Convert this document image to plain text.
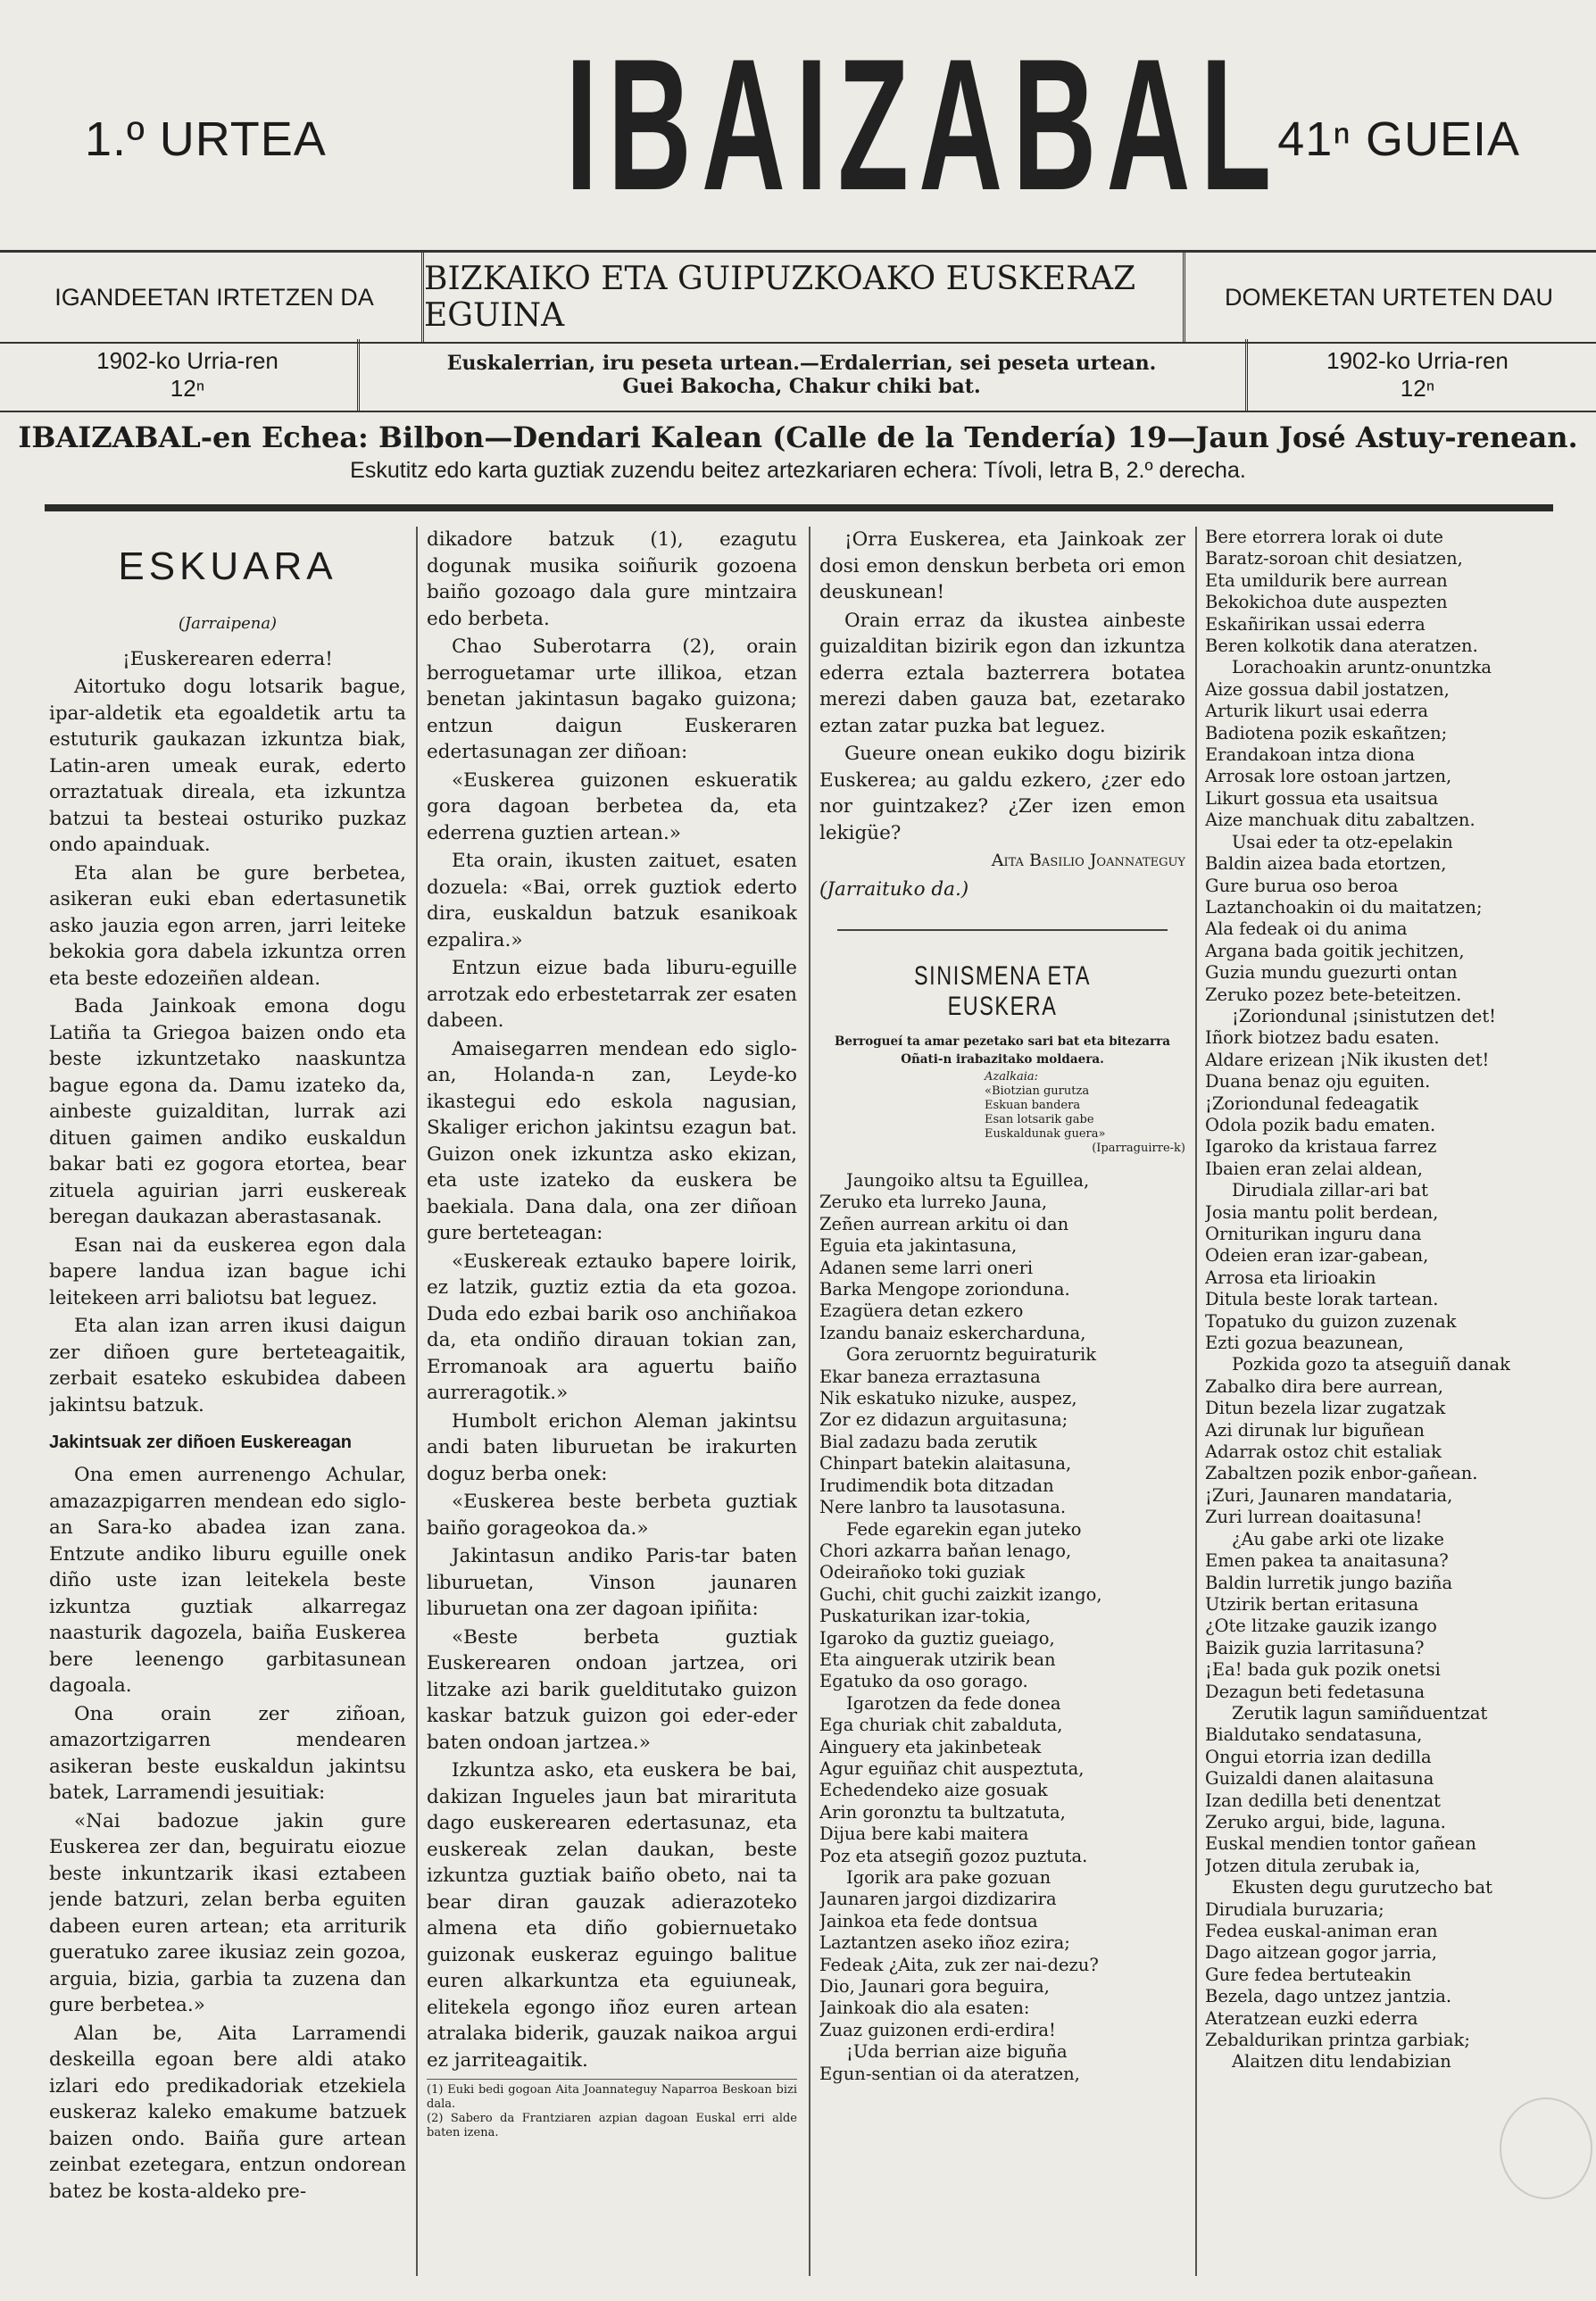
1.º URTEA IBAIZABAL
41ⁿ GUEIA
IGANDEETAN IRTETZEN DA	BIZKAIKO ETA GUIPUZKOAKO EUSKERAZ EGUINA
DOMEKETAN URTETEN DAU
1902-ko Urria-ren
12ⁿ
Euskalerrian, iru peseta urtean.—Erdalerrian, sei peseta urtean.
Guei Bakocha, Chakur chiki bat.
1902-ko Urria-ren
12ⁿ
IBAIZABAL-en Echea: Bilbon—Dendari Kalean (Calle de la Tendería) 19—Jaun José Astuy-renean.
Eskutitz edo karta guztiak zuzendu beitez artezkariaren echera: Tívoli, letra B, 2.º derecha.
ESKUARA

(Jarraipena)

¡Euskerearen ederra!

Aitortuko dogu lotsarik bague, ipar-aldetik eta egoaldetik artu ta estuturik gaukazan izkuntza biak, Latin-aren umeak eurak, ederto orraztatuak direala, eta izkuntza batzui ta besteai osturiko puzkaz ondo apainduak.

Eta alan be gure berbetea, asikeran euki eban edertasunetik asko jauzia egon arren, jarri leiteke bekokia gora dabela izkuntza orren eta beste edozeiñen aldean.

Bada Jainkoak emona dogu Latiña ta Griegoa baizen ondo eta beste izkuntzetako naaskuntza bague egona da. Damu izateko da, ainbeste guizalditan, lurrak azi dituen gaimen andiko euskaldun bakar bati ez gogora etortea, bear zituela aguirian jarri euskereak beregan daukazan aberastasanak.

Esan nai da euskerea egon dala bapere landua izan bague ichi leitekeen arri baliotsu bat leguez.

Eta alan izan arren ikusi daigun zer diñoen gure berteteagaitik, zerbait esateko eskubidea dabeen jakintsu batzuk.

Jakintsuak zer diñoen Euskereagan

Ona emen aurrenengo Achular, amazazpigarren mendean edo siglo-an Sara-ko abadea izan zana. Entzute andiko liburu eguille onek diño uste izan leitekela beste izkuntza guztiak alkarregaz naasturik dagozela, baiña Euskerea bere leenengo garbitasunean dagoala.

Ona orain zer ziñoan, amazortzigarren mendearen asikeran beste euskaldun jakintsu batek, Larramendi jesuitiak:

«Nai badozue jakin gure Euskerea zer dan, beguiratu eiozue beste inkuntzarik ikasi eztabeen jende batzuri, zelan berba eguiten dabeen euren artean; eta arriturik gueratuko zaree ikusiaz zein gozoa, arguia, bizia, garbia ta zuzena dan gure berbetea.»

Alan be, Aita Larramendi deskeilla egoan bere aldi atako izlari edo predikadoriak etzekiela euskeraz kaleko emakume batzuek baizen ondo. Baiña gure artean zeinbat ezetegara, entzun ondorean batez be kosta-aldeko pre-

dikadore batzuk (1), ezagutu dogunak musika soiñurik gozoena baiño gozoago dala gure mintzaira edo berbeta.

Chao Suberotarra (2), orain berroguetamar urte illikoa, etzan benetan jakintasun bagako guizona; entzun daigun Euskeraren edertasunagan zer diñoan:

«Euskerea guizonen eskueratik gora dagoan berbetea da, eta ederrena guztien artean.»

Eta orain, ikusten zaituet, esaten dozuela: «Bai, orrek guztiok ederto dira, euskaldun batzuk esanikoak ezpalira.»

Entzun eizue bada liburu-eguille arrotzak edo erbestetarrak zer esaten dabeen.

Amaisegarren mendean edo siglo-an, Holanda-n zan, Leyde-ko ikastegui edo eskola nagusian, Skaliger erichon jakintsu ezagun bat. Guizon onek izkuntza asko ekizan, eta uste izateko da euskera be baekiala. Dana dala, ona zer diñoan gure berteteagan:

«Euskereak eztauko bapere loirik, ez latzik, guztiz eztia da eta gozoa. Duda edo ezbai barik oso anchiñakoa da, eta ondiño dirauan tokian zan, Erromanoak ara aguertu baiño aurreragotik.»

Humbolt erichon Aleman jakintsu andi baten liburuetan be irakurten doguz berba onek:

«Euskerea beste berbeta guztiak baiño gorageokoa da.»

Jakintasun andiko Paris-tar baten liburuetan, Vinson jaunaren liburuetan ona zer dagoan ipiñita:

«Beste berbeta guztiak Euskerearen ondoan jartzea, ori litzake azi barik guelditutako guizon kaskar batzuk guizon goi eder-eder baten ondoan jartzea.»

Izkuntza asko, eta euskera be bai, dakizan Ingueles jaun bat mirarituta dago euskerearen edertasunaz, eta euskereak zelan daukan, beste izkuntza guztiak baiño obeto, nai ta bear diran gauzak adierazoteko almena eta diño gobiernuetako guizonak euskeraz eguingo balitue euren alkarkuntza eta eguiuneak, elitekela egongo iñoz euren artean atralaka biderik, gauzak naikoa argui ez jarriteagaitik.

(1) Euki bedi gogoan Aita Joannateguy Naparroa Beskoan bizi dala.

(2) Sabero da Frantziaren azpian dagoan Euskal erri alde baten izena.

¡Orra Euskerea, eta Jainkoak zer dosi emon denskun berbeta ori emon deuskunean!

Orain erraz da ikustea ainbeste guizalditan bizirik egon dan izkuntza ederra eztala bazterrera botatea merezi daben gauza bat, ezetarako eztan zatar puzka bat leguez.

Gueure onean eukiko dogu bizirik Euskerea; au galdu ezkero, ¿zer edo nor guintzakez? ¿Zer izen emon lekigüe?

Aita Basilio Joannateguy

(Jarraituko da.)

SINISMENA ETA EUSKERA

Berrogueí ta amar pezetako sari bat eta bitezarra Oñati-n irabazitako moldaera.

Azalkaia:
«Biotzian gurutza
Eskuan bandera
Esan lotsarik gabe
Euskaldunak guera»
(Iparraguirre-k)
Jaungoiko altsu ta Eguillea,
Zeruko eta lurreko Jauna,
Zeñen aurrean arkitu oi dan
Eguia eta jakintasuna,
Adanen seme larri oneri
Barka Mengope zorionduna.
Ezagüera detan ezkero
Izandu banaiz eskercharduna,
Gora zeruorntz beguiraturik
Ekar baneza erraztasuna
Nik eskatuko nizuke, auspez,
Zor ez didazun arguitasuna;
Bial zadazu bada zerutik
Chinpart batekin alaitasuna,
Irudimendik bota ditzadan
Nere lanbro ta lausotasuna.
Fede egarekin egan juteko
Chori azkarra baňan lenago,
Odeirañoko toki guziak
Guchi, chit guchi zaizkit izango,
Puskaturikan izar-tokia,
Igaroko da guztiz gueiago,
Eta ainguerak utzirik bean
Egatuko da oso gorago.
Igarotzen da fede donea
Ega churiak chit zabalduta,
Ainguery eta jakinbeteak
Agur eguiñaz chit auspeztuta,
Echedendeko aize gosuak
Arin goronztu ta bultzatuta,
Dijua bere kabi maitera
Poz eta atsegiñ gozoz puztuta.
Igorik ara pake gozuan
Jaunaren jargoi dizdizarira
Jainkoa eta fede dontsua
Laztantzen aseko iñoz ezira;
Fedeak ¿Aita, zuk zer nai-dezu?
Dio, Jaunari gora beguira,
Jainkoak dio ala esaten:
Zuaz guizonen erdi-erdira!
¡Uda berrian aize biguña
Egun-sentian oi da ateratzen,
Bere etorrera lorak oi dute
Baratz-soroan chit desiatzen,
Eta umildurik bere aurrean
Bekokichoa dute auspezten
Eskañirikan ussai ederra
Beren kolkotik dana ateratzen.
Lorachoakin aruntz-onuntzka
Aize gossua dabil jostatzen,
Arturik likurt usai ederra
Badiotena pozik eskañtzen;
Erandakoan intza diona
Arrosak lore ostoan jartzen,
Likurt gossua eta usaitsua
Aize manchuak ditu zabaltzen.
Usai eder ta otz-epelakin
Baldin aizea bada etortzen,
Gure burua oso beroa
Laztanchoakin oi du maitatzen;
Ala fedeak oi du anima
Argana bada goitik jechitzen,
Guzia mundu guezurti ontan
Zeruko pozez bete-beteitzen.
¡Zoriondunal ¡sinistutzen det!
Iñork biotzez badu esaten.
Aldare erizean ¡Nik ikusten det!
Duana benaz oju eguiten.
¡Zoriondunal fedeagatik
Odola pozik badu ematen.
Igaroko da kristaua farrez
Ibaien eran zelai aldean,
Dirudiala zillar-ari bat
Josia mantu polit berdean,
Orniturikan inguru dana
Odeien eran izar-gabean,
Arrosa eta lirioakin
Ditula beste lorak tartean.
Topatuko du guizon zuzenak
Ezti gozua beazunean,
Pozkida gozo ta atseguiñ danak
Zabalko dira bere aurrean,
Ditun bezela lizar zugatzak
Azi dirunak lur biguñean
Adarrak ostoz chit estaliak
Zabaltzen pozik enbor-gañean.
¡Zuri, Jaunaren mandataria,
Zuri lurrean doaitasuna!
¿Au gabe arki ote lizake
Emen pakea ta anaitasuna?
Baldin lurretik jungo baziña
Utzirik bertan eritasuna
¿Ote litzake gauzik izango
Baizik guzia larritasuna?
¡Ea! bada guk pozik onetsi
Dezagun beti fedetasuna
Zerutik lagun samiñduentzat
Bialdutako sendatasuna,
Ongui etorria izan dedilla
Guizaldi danen alaitasuna
Izan dedilla beti denentzat
Zeruko argui, bide, laguna.
Euskal mendien tontor gañean
Jotzen ditula zerubak ia,
Ekusten degu gurutzecho bat
Dirudiala buruzaria;
Fedea euskal-animan eran
Dago aitzean gogor jarria,
Gure fedea bertuteakin
Bezela, dago untzez jantzia.
Ateratzean euzki ederra
Zebaldurikan printza garbiak;
Alaitzen ditu lendabizian
